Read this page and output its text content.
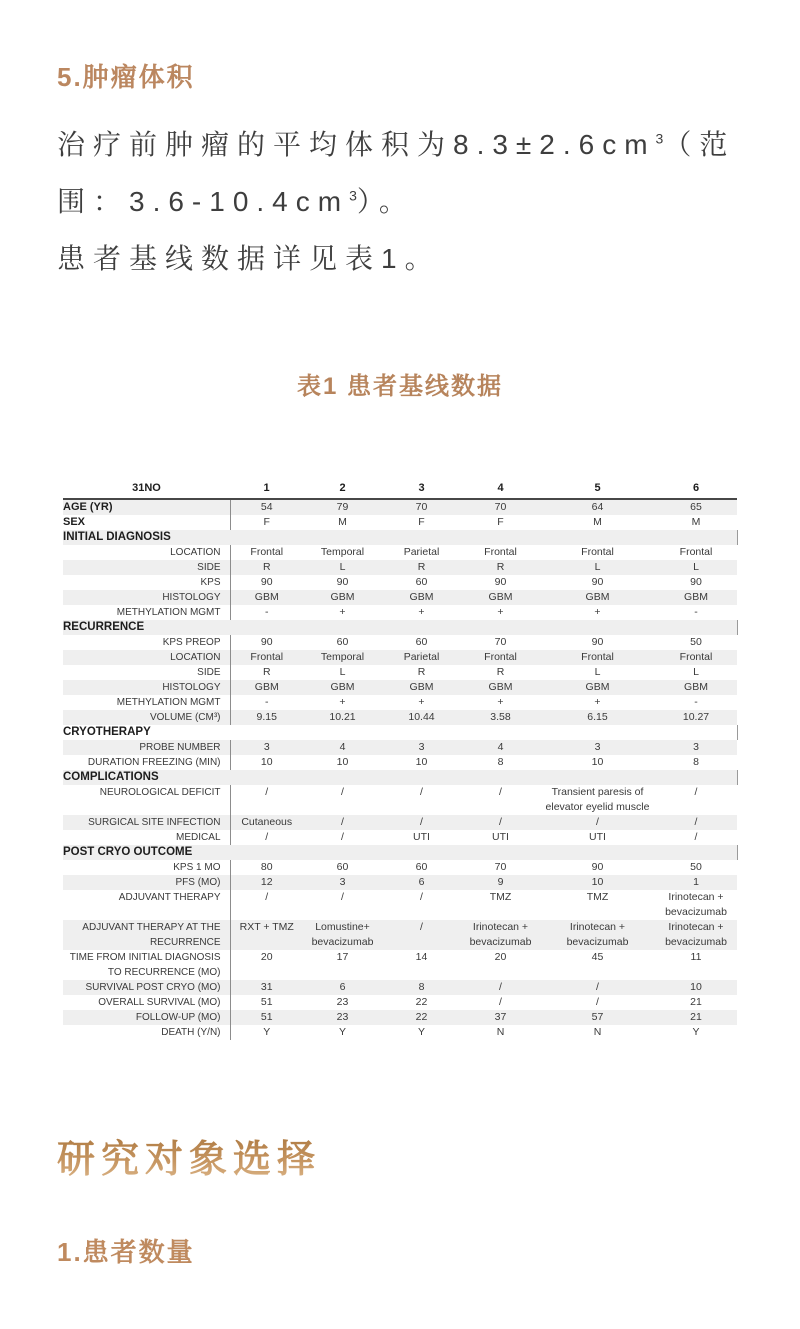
5.肿瘤体积

治疗前肿瘤的平均体积为$8.3\pm 2.6cm^3$（范围：$3.6-10.4cm^3$）。

患者基线数据详见表1。

表1 患者基线数据
31NO	1	2	3	4	5	6
AGE (YR)	54	79	70	70	64	65
SEX	F	M	F	F	M	M
INITIAL DIAGNOSIS						
LOCATION	Frontal	Temporal	Parietal	Frontal	Frontal	Frontal
SIDE	R	L	R	R	L	L
KPS	90	90	60	90	90	90
HISTOLOGY	GBM	GBM	GBM	GBM	GBM	GBM
METHYLATION MGMT	-	+	+	+	+	-
RECURRENCE						
KPS PREOP	90	60	60	70	90	50
LOCATION	Frontal	Temporal	Parietal	Frontal	Frontal	Frontal
SIDE	R	L	R	R	L	L
HISTOLOGY	GBM	GBM	GBM	GBM	GBM	GBM
METHYLATION MGMT	-	+	+	+	+	-
VOLUME (CM³)	9.15	10.21	10.44	3.58	6.15	10.27
CRYOTHERAPY						
PROBE NUMBER	3	4	3	4	3	3
DURATION FREEZING (MIN)	10	10	10	8	10	8
COMPLICATIONS						
NEUROLOGICAL DEFICIT	/	/	/	/	Transient paresis of elevator eyelid muscle	/
SURGICAL SITE INFECTION	Cutaneous	/	/	/	/	/
MEDICAL	/	/	UTI	UTI	UTI	/
POST CRYO OUTCOME						
KPS 1 MO	80	60	60	70	90	50
PFS (MO)	12	3	6	9	10	1
ADJUVANT THERAPY	/	/	/	TMZ	TMZ	Irinotecan + bevacizumab
ADJUVANT THERAPY AT THE RECURRENCE	RXT + TMZ	Lomustine+ bevacizumab	/	Irinotecan + bevacizumab	Irinotecan + bevacizumab	Irinotecan + bevacizumab
TIME FROM INITIAL DIAGNOSIS TO RECURRENCE (MO)	20	17	14	20	45	11
SURVIVAL POST CRYO (MO)	31	6	8	/	/	10
OVERALL SURVIVAL (MO)	51	23	22	/	/	21
FOLLOW-UP (MO)	51	23	22	37	57	21
DEATH (Y/N)	Y	Y	Y	N	N	Y
研究对象选择
1.患者数量
